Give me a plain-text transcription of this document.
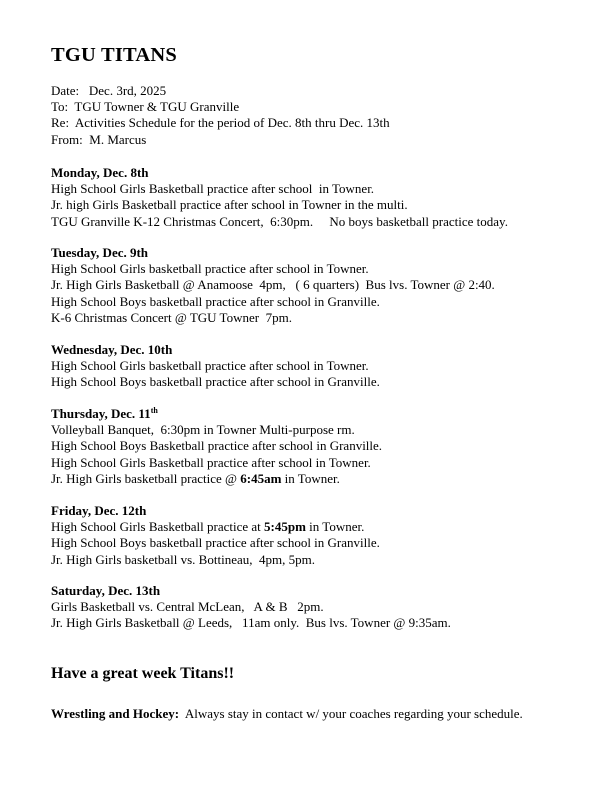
TGU TITANS
Date:   Dec. 3rd, 2025
To:  TGU Towner & TGU Granville
Re:  Activities Schedule for the period of Dec. 8th thru Dec. 13th
From:  M. Marcus
Monday, Dec. 8th
High School Girls Basketball practice after school  in Towner.
Jr. high Girls Basketball practice after school in Towner in the multi.
TGU Granville K-12 Christmas Concert,  6:30pm.     No boys basketball practice today.
Tuesday, Dec. 9th
High School Girls basketball practice after school in Towner.
Jr. High Girls Basketball @ Anamoose  4pm,   ( 6 quarters)  Bus lvs. Towner @ 2:40.
High School Boys basketball practice after school in Granville.
K-6 Christmas Concert @ TGU Towner  7pm.
Wednesday, Dec. 10th
High School Girls basketball practice after school in Towner.
High School Boys basketball practice after school in Granville.
Thursday, Dec. 11th
Volleyball Banquet,  6:30pm in Towner Multi-purpose rm.
High School Boys Basketball practice after school in Granville.
High School Girls Basketball practice after school in Towner.
Jr. High Girls basketball practice @ 6:45am in Towner.
Friday, Dec. 12th
High School Girls Basketball practice at 5:45pm in Towner.
High School Boys basketball practice after school in Granville.
Jr. High Girls basketball vs. Bottineau,  4pm, 5pm.
Saturday, Dec. 13th
Girls Basketball vs. Central McLean,   A & B   2pm.
Jr. High Girls Basketball @ Leeds,   11am only.  Bus lvs. Towner @ 9:35am.
Have a great week Titans!!
Wrestling and Hockey:  Always stay in contact w/ your coaches regarding your schedule.
